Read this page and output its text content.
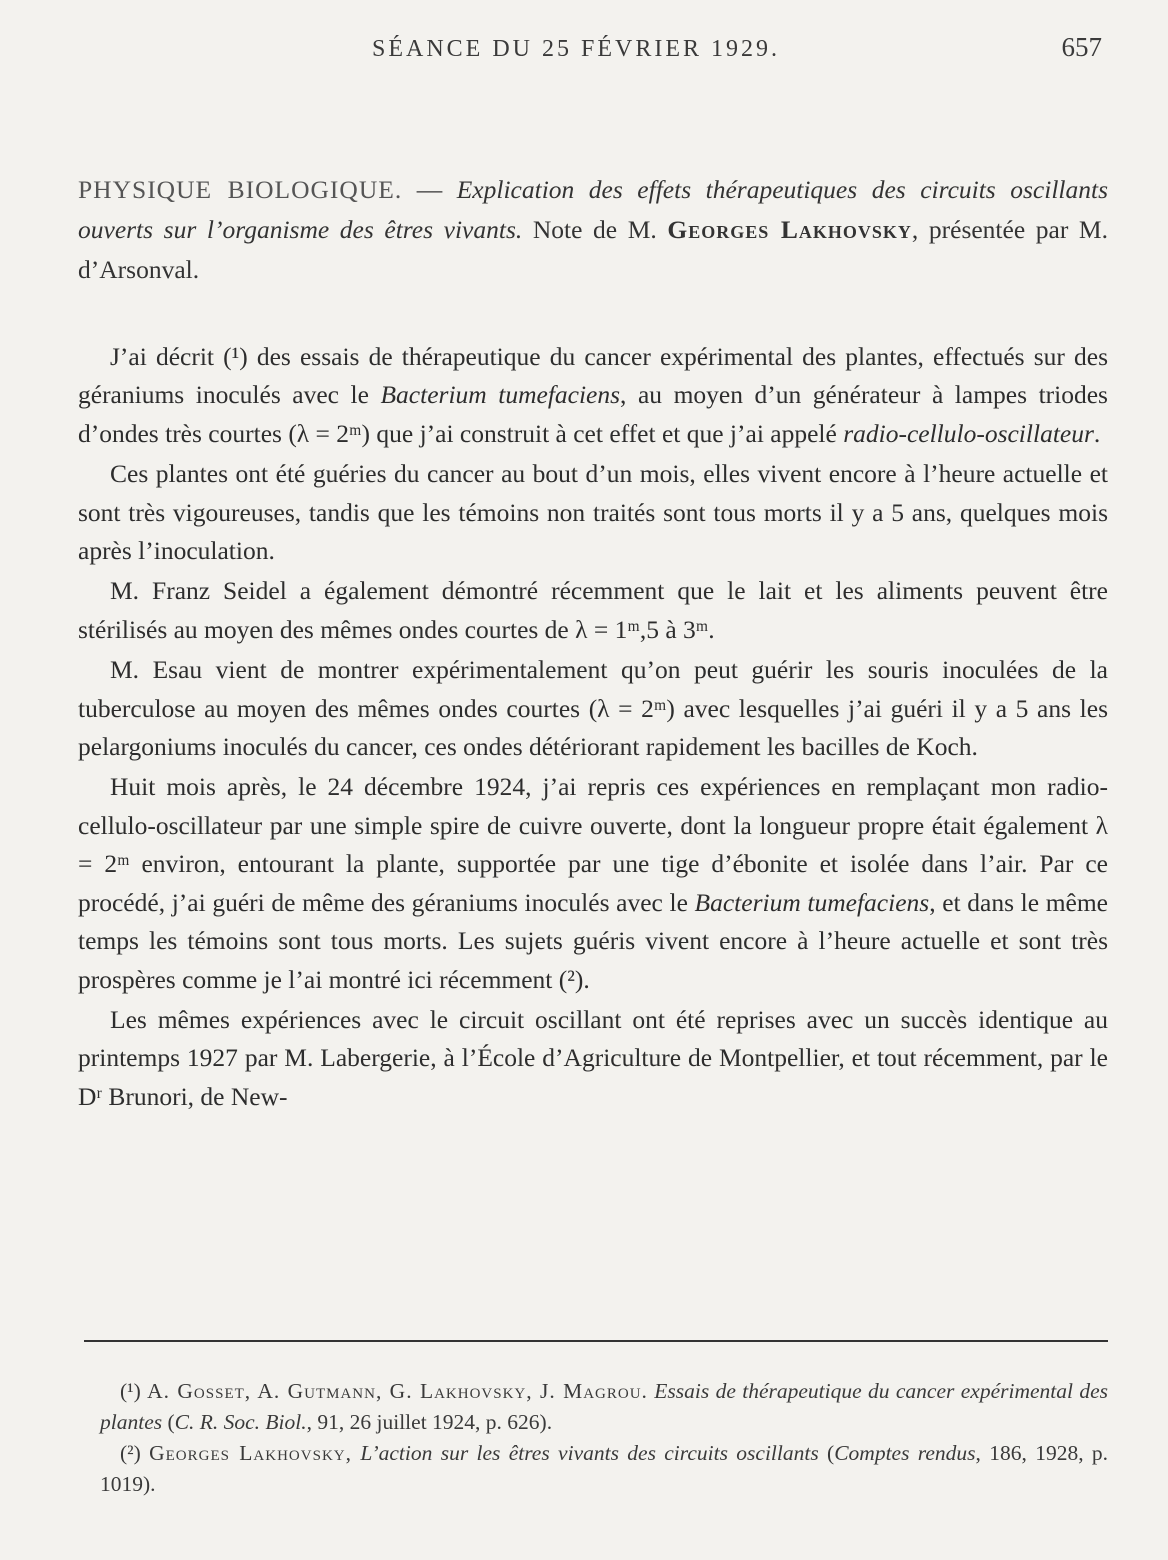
SÉANCE DU 25 FÉVRIER 1929.	657
PHYSIQUE BIOLOGIQUE. — Explication des effets thérapeutiques des circuits oscillants ouverts sur l’organisme des êtres vivants. Note de M. Georges Lakhovsky, présentée par M. d’Arsonval.

J’ai décrit (¹) des essais de thérapeutique du cancer expérimental des plantes, effectués sur des géraniums inoculés avec le Bacterium tumefaciens, au moyen d’un générateur à lampes triodes d’ondes très courtes (λ = 2ᵐ) que j’ai construit à cet effet et que j’ai appelé radio-cellulo-oscillateur.

Ces plantes ont été guéries du cancer au bout d’un mois, elles vivent encore à l’heure actuelle et sont très vigoureuses, tandis que les témoins non traités sont tous morts il y a 5 ans, quelques mois après l’inoculation.

M. Franz Seidel a également démontré récemment que le lait et les aliments peuvent être stérilisés au moyen des mêmes ondes courtes de λ = 1ᵐ,5 à 3ᵐ.

M. Esau vient de montrer expérimentalement qu’on peut guérir les souris inoculées de la tuberculose au moyen des mêmes ondes courtes (λ = 2ᵐ) avec lesquelles j’ai guéri il y a 5 ans les pelargoniums inoculés du cancer, ces ondes détériorant rapidement les bacilles de Koch.

Huit mois après, le 24 décembre 1924, j’ai repris ces expériences en remplaçant mon radio-cellulo-oscillateur par une simple spire de cuivre ouverte, dont la longueur propre était également λ = 2ᵐ environ, entourant la plante, supportée par une tige d’ébonite et isolée dans l’air. Par ce procédé, j’ai guéri de même des géraniums inoculés avec le Bacterium tumefaciens, et dans le même temps les témoins sont tous morts. Les sujets guéris vivent encore à l’heure actuelle et sont très prospères comme je l’ai montré ici récemment (²).

Les mêmes expériences avec le circuit oscillant ont été reprises avec un succès identique au printemps 1927 par M. Labergerie, à l’École d’Agriculture de Montpellier, et tout récemment, par le Dʳ Brunori, de New-

(¹) A. Gosset, A. Gutmann, G. Lakhovsky, J. Magrou. Essais de thérapeutique du cancer expérimental des plantes (C. R. Soc. Biol., 91, 26 juillet 1924, p. 626).

(²) Georges Lakhovsky, L’action sur les êtres vivants des circuits oscillants (Comptes rendus, 186, 1928, p. 1019).
